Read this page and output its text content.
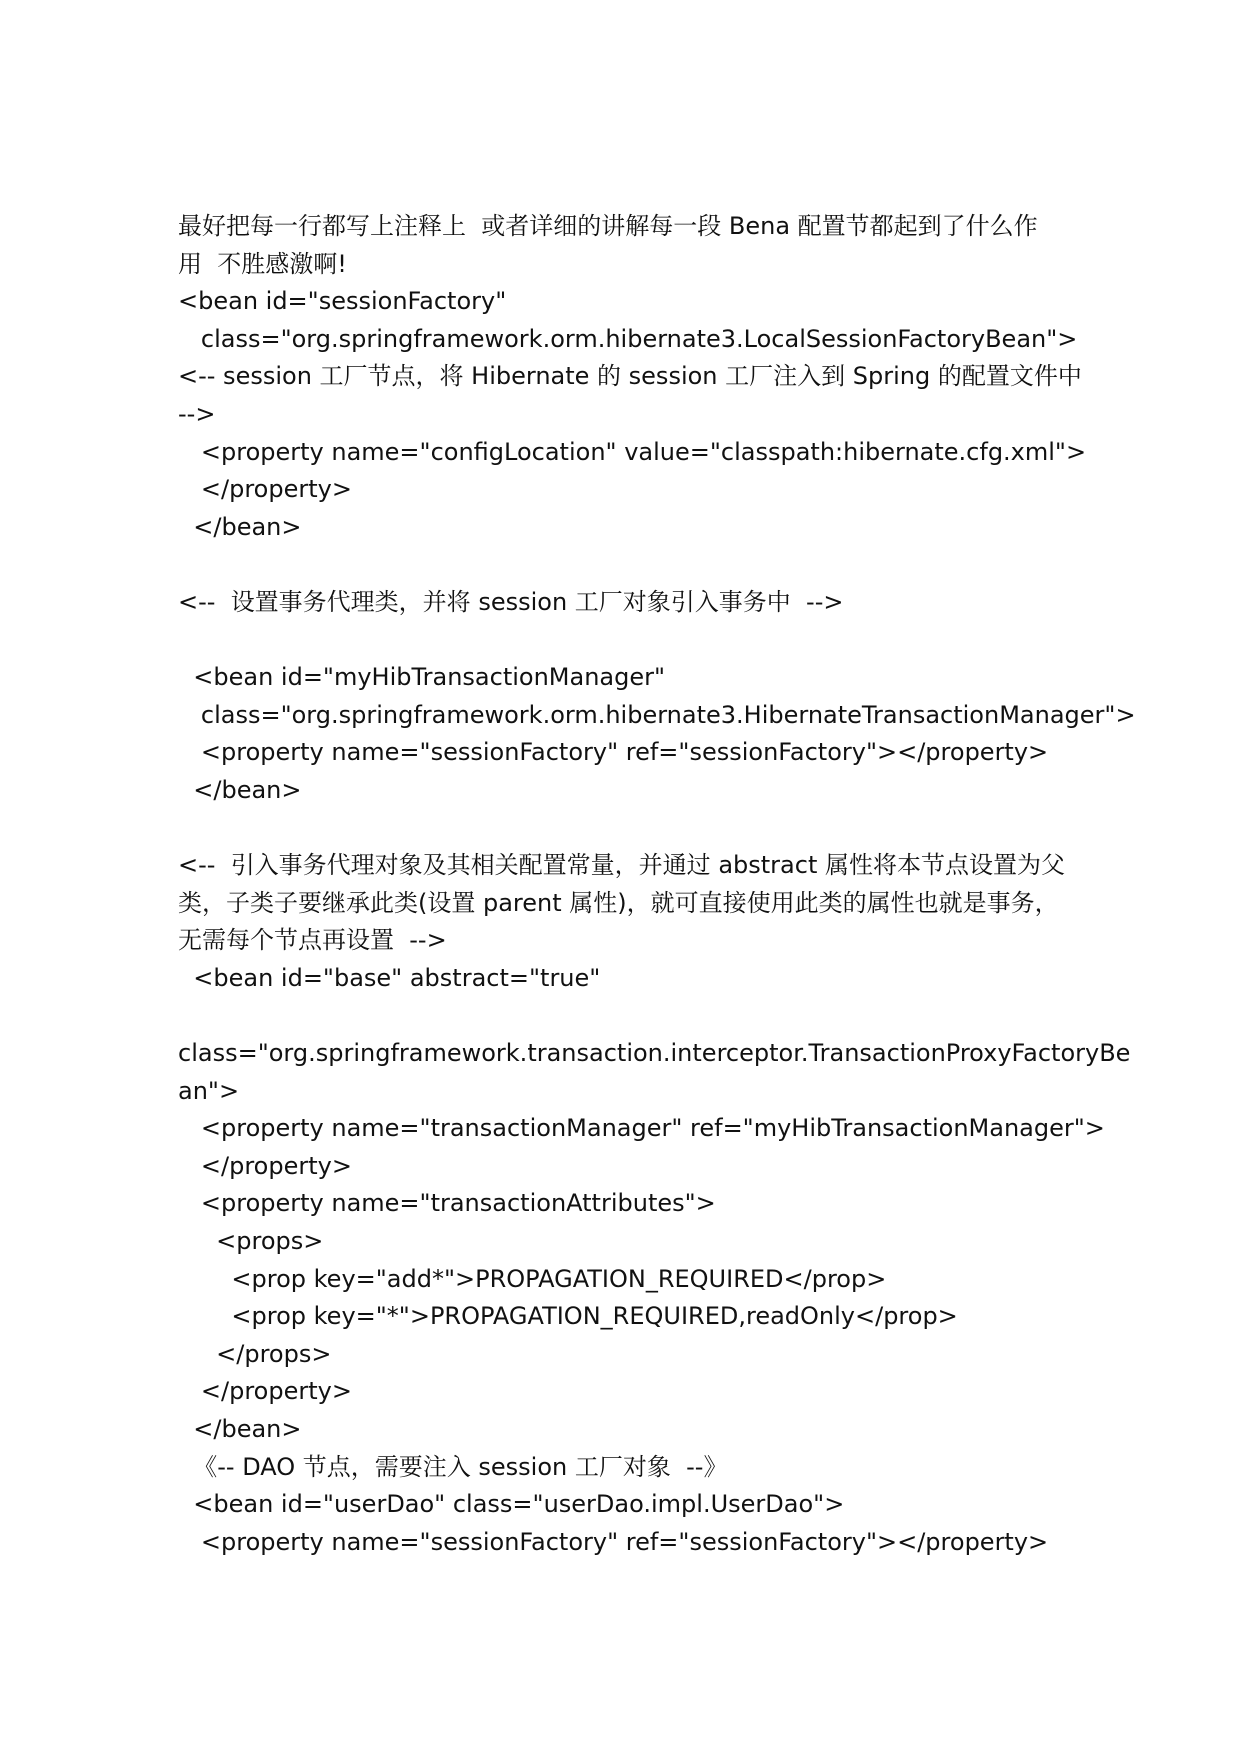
最好把每一行都写上注释上  或者详细的讲解每一段 Bena 配置节都起到了什么作
用  不胜感激啊!
<bean id="sessionFactory"
class="org.springframework.orm.hibernate3.LocalSessionFactoryBean">
<-- session 工厂节点，将 Hibernate 的 session 工厂注入到 Spring 的配置文件中
-->
<property name="configLocation" value="classpath:hibernate.cfg.xml">
</property>
</bean>

<--  设置事务代理类，并将 session 工厂对象引入事务中  -->

<bean id="myHibTransactionManager"
class="org.springframework.orm.hibernate3.HibernateTransactionManager">
<property name="sessionFactory" ref="sessionFactory"></property>
</bean>

<--  引入事务代理对象及其相关配置常量，并通过 abstract 属性将本节点设置为父
类，子类子要继承此类(设置 parent 属性)，就可直接使用此类的属性也就是事务，
无需每个节点再设置  -->
<bean id="base" abstract="true"

class="org.springframework.transaction.interceptor.TransactionProxyFactoryBe
an">
<property name="transactionManager" ref="myHibTransactionManager">
</property>
<property name="transactionAttributes">
<props>
<prop key="add*">PROPAGATION_REQUIRED</prop>
<prop key="*">PROPAGATION_REQUIRED,readOnly</prop>
</props>
</property>
</bean>
《-- DAO 节点，需要注入 session 工厂对象  --》
<bean id="userDao" class="userDao.impl.UserDao">
<property name="sessionFactory" ref="sessionFactory"></property>
